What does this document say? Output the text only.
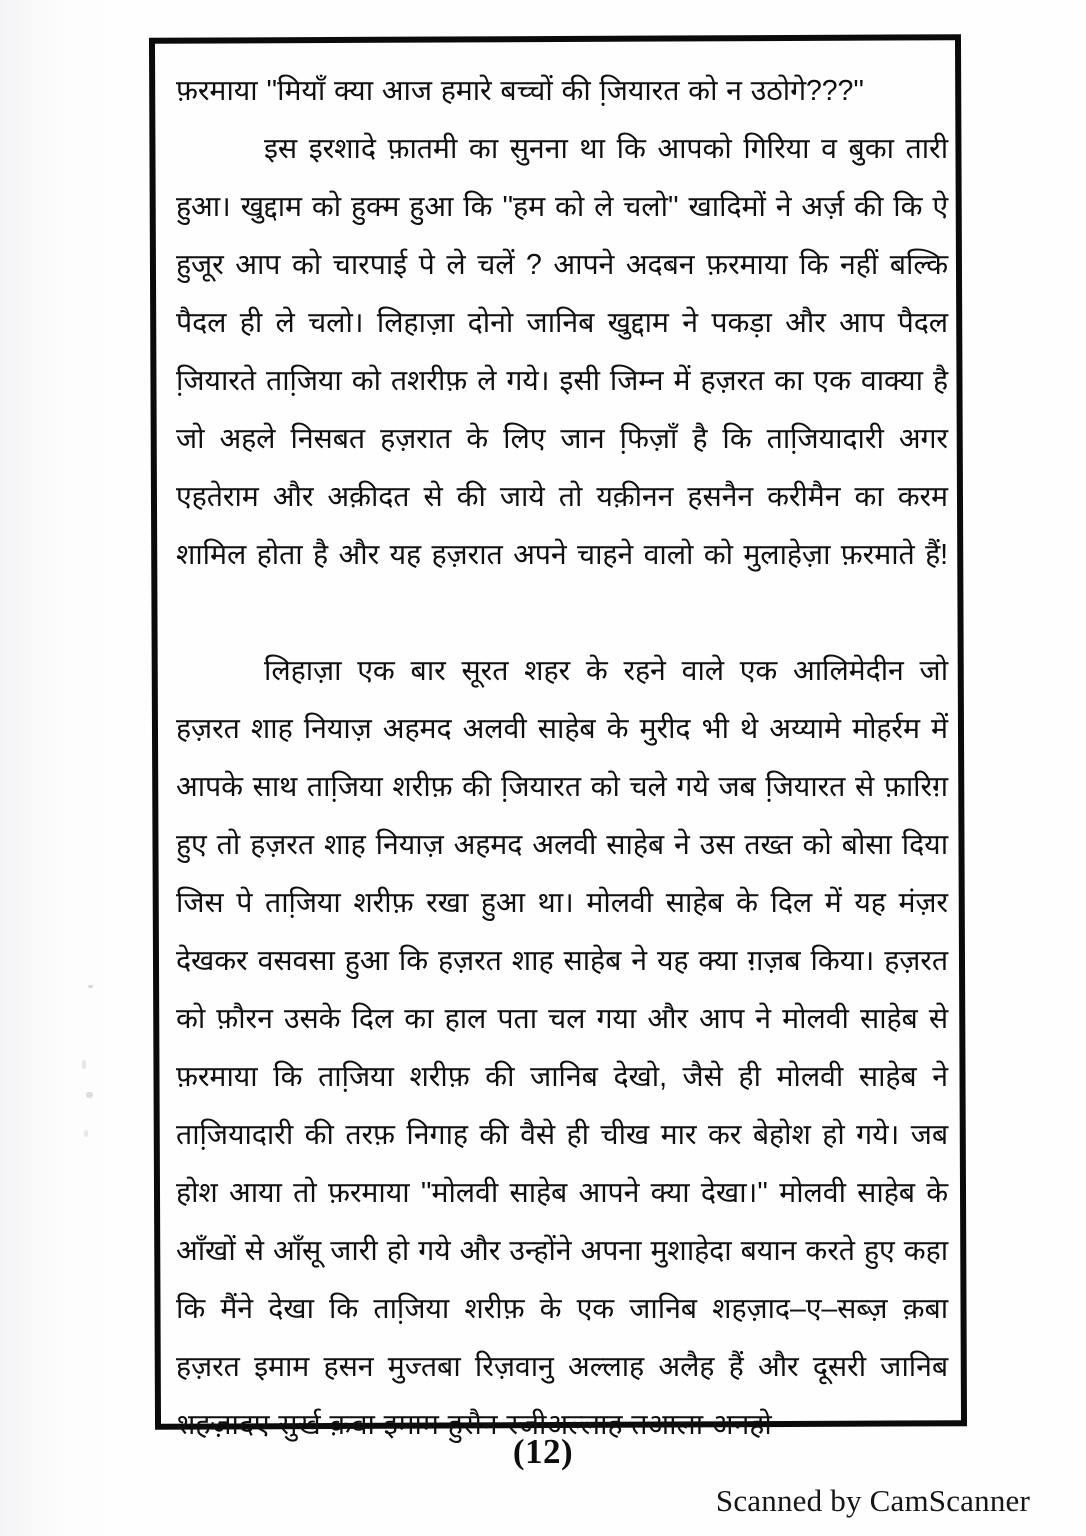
फ़रमाया ''मियॉं क्या आज हमारे बच्चों की जि़यारत को न उठोगे???''

इस इरशादे फ़ातमी का सुनना था कि आपको गिरिया व बुका तारी हुआ। खुद्दाम को हुक्म हुआ कि ''हम को ले चलो'' खादिमों ने अर्ज़ की कि ऐ हुजूर आप को चारपाई पे ले चलें ? आपने अदबन फ़रमाया कि नहीं बल्कि पैदल ही ले चलो। लिहाज़ा दोनो जानिब खुद्दाम ने पकड़ा और आप पैदल जि़यारते ताजि़या को तशरीफ़ ले गये। इसी जिम्न में हज़रत का एक वाक्या है जो अहले निसबत हज़रात के लिए जान फि़ज़ॉं है कि ताजि़यादारी अगर एहतेराम और अक़ीदत से की जाये तो यक़ीनन हसनैन करीमैन का करम शामिल होता है और यह हज़रात अपने चाहने वालो को मुलाहेज़ा फ़रमाते हैं!

लिहाज़ा एक बार सूरत शहर के रहने वाले एक आलिमेदीन जो हज़रत शाह नियाज़ अहमद अलवी साहेब के मुरीद भी थे अय्यामे मोहर्रम में आपके साथ ताजि़या शरीफ़ की जि़यारत को चले गये जब जि़यारत से फ़ारिग़ हुए तो हज़रत शाह नियाज़ अहमद अलवी साहेब ने उस तख्त को बोसा दिया जिस पे ताजि़या शरीफ़ रखा हुआ था। मोलवी साहेब के दिल में यह मंज़र देखकर वसवसा हुआ कि हज़रत शाह साहेब ने यह क्या ग़ज़ब किया। हज़रत को फ़ौरन उसके दिल का हाल पता चल गया और आप ने मोलवी साहेब से फ़रमाया कि ताजि़या शरीफ़ की जानिब देखो, जैसे ही मोलवी साहेब ने ताजि़यादारी की तरफ़ निगाह की वैसे ही चीख मार कर बेहोश हो गये। जब होश आया तो फ़रमाया ''मोलवी साहेब आपने क्या देखा।'' मोलवी साहेब के आँखों से आँसू जारी हो गये और उन्होंने अपना मुशाहेदा बयान करते हुए कहा कि मैंने देखा कि ताजि़या शरीफ़ के एक जानिब शहज़ाद–ए–सब्ज़ क़बा हज़रत इमाम हसन मुज्तबा रिज़वानु अल्लाह अलैह हैं और दूसरी जानिब शहज़ादए सुर्ख क़बा इमाम हुसैन रजीअल्लाह तआला अनहो

(12)
Scanned by CamScanner
